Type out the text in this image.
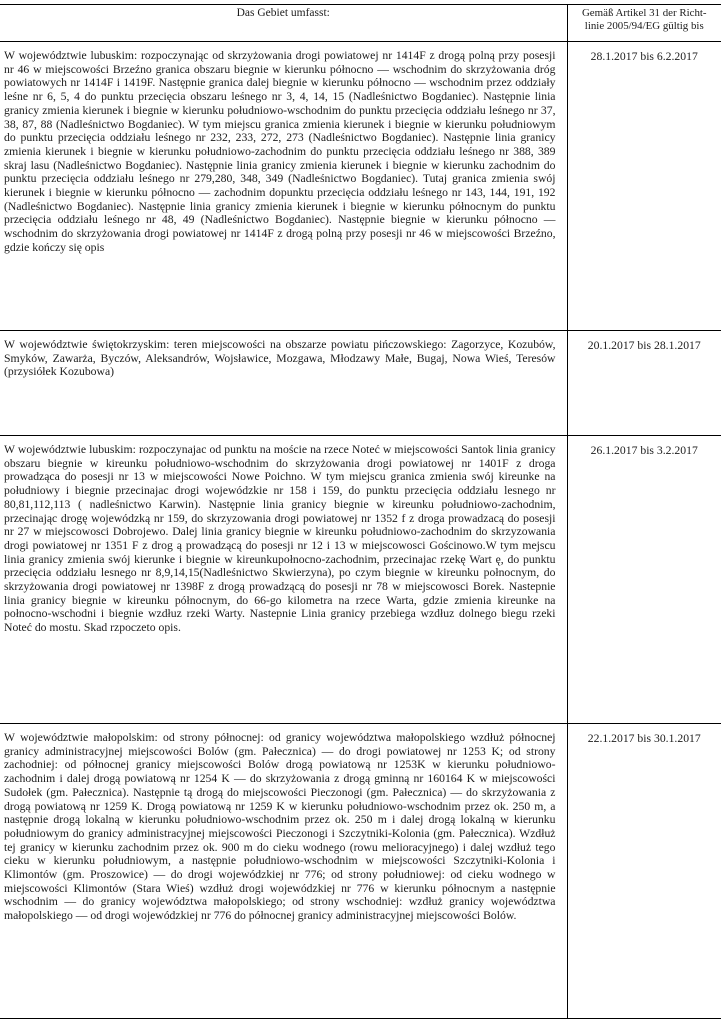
Das Gebiet umfasst:	Gemäß Artikel 31 der Richt-
linie 2005/94/EG gültig bis

W województwie lubuskim: rozpoczynając od skrzyżowania drogi powiatowej nr 1414F z drogą polną przy posesji nr 46 w miejscowości Brzeźno granica obszaru biegnie w kierunku północno — wschodnim do skrzyżowania dróg powiatowych nr 1414F i 1419F. Następnie granica dalej biegnie w kierunku północno — wschodnim przez oddziały leśne nr 6, 5, 4 do punktu przecięcia obszaru leśnego nr 3, 4, 14, 15 (Nadleśnictwo Bogdaniec). Następnie linia granicy zmienia kierunek i biegnie w kierunku południowo-wschodnim do punktu przecięcia oddziału leśnego nr 37, 38, 87, 88 (Nadleśnictwo Bogdaniec). W tym miejscu granica zmienia kierunek i biegnie w kierunku południowym do punktu przecięcia oddziału leśnego nr 232, 233, 272, 273 (Nadleśnictwo Bogdaniec). Następnie linia granicy zmienia kierunek i biegnie w kierunku południowo-zachodnim do punktu przecięcia oddziału leśnego nr 388, 389 skraj lasu (Nadleśnictwo Bogdaniec). Następnie linia granicy zmienia kierunek i biegnie w kierunku zachodnim do punktu przecięcia oddziału leśnego nr 279,280, 348, 349 (Nadleśnictwo Bogdaniec). Tutaj granica zmienia swój kierunek i biegnie w kierunku północno — zachodnim dopunktu przecięcia oddziału leśnego nr 143, 144, 191, 192 (Nadleśnictwo Bogdaniec). Następnie linia granicy zmienia kierunek i biegnie w kierunku północnym do punktu przecięcia oddziału leśnego nr 48, 49 (Nadleśnictwo Bogdaniec). Następnie biegnie w kierunku północno — wschodnim do skrzyżowania drogi powiatowej nr 1414F z drogą polną przy posesji nr 46 w miejscowości Brzeźno, gdzie kończy się opis	28.1.2017 bis 6.2.2017
W województwie świętokrzyskim: teren miejscowości na obszarze powiatu pińczowskiego: Zagorzyce, Kozubów, Smyków, Zawarża, Byczów, Aleksandrów, Wojsławice, Mozgawa, Młodzawy Małe, Bugaj, Nowa Wieś, Teresów (przysiółek Kozubowa)	20.1.2017 bis 28.1.2017
W województwie lubuskim: rozpoczynajac od punktu na moście na rzece Noteć w miejscowości Santok linia granicy obszaru biegnie w kireunku południowo-wschodnim do skrzyżowania drogi powiatowej nr 1401F z droga prowadząca do posesji nr 13 w miejscowości Nowe Poichno. W tym miejscu granica zmienia swój kireunke na południowy i biegnie przecinajac drogi wojewódzkie nr 158 i 159, do punktu przecięcia oddziału lesnego nr 80,81,112,113 ( nadleśnictwo Karwin). Następnie linia granicy biegnie w kireunku południowo-zachodnim, przecinając drogę wojewódzką nr 159, do skrzyzowania drogi powiatowej nr 1352 f z droga prowadzacą do posesji nr 27 w miejscowosci Dobrojewo. Dalej linia granicy biegnie w kireunku południowo-zachodnim do skrzyzowania drogi powiatowej nr 1351 F z drog ą prowadzącą do posesji nr 12 i 13 w miejscowosci Gościnowo.W tym mejscu linia granicy zmienia swój kierunke i biegnie w kireunkupołnocno-zachodnim, przecinajac rzekę Wart ę, do punktu przecięcia oddziału lesnego nr 8,9,14,15(Nadleśnictwo Skwierzyna), po czym biegnie w kireunku połnocnym, do skrzyżowania drogi powiatowej nr 1398F z drogą prowadzącą do posesji nr 78 w miejscowosci Borek. Nastepnie linia granicy biegnie w kireunku północnym, do 66-go kilometra na rzece Warta, gdzie zmienia kireunke na połnocno-wschodni i biegnie wzdłuz rzeki Warty. Nastepnie Linia granicy przebiega wzdłuz dolnego biegu rzeki Noteć do mostu. Skad rzpoczeto opis.	26.1.2017 bis 3.2.2017
W województwie małopolskim: od strony północnej: od granicy województwa małopolskiego wzdłuż północnej granicy administracyjnej miejscowości Bolów (gm. Pałecznica) — do drogi powiatowej nr 1253 K; od strony zachodniej: od północnej granicy miejscowości Bolów drogą powiatową nr 1253K w kierunku południowo-zachodnim i dalej drogą powiatową nr 1254 K — do skrzyżowania z drogą gminną nr 160164 K w miejscowości Sudołek (gm. Pałecznica). Następnie tą drogą do miejscowości Pieczonogi (gm. Pałecznica) — do skrzyżowania z drogą powiatową nr 1259 K. Drogą powiatową nr 1259 K w kierunku południowo-wschodnim przez ok. 250 m, a następnie drogą lokalną w kierunku południowo-wschodnim przez ok. 250 m i dalej drogą lokalną w kierunku południowym do granicy administracyjnej miejscowości Pieczonogi i Szczytniki-Kolonia (gm. Pałecznica). Wzdłuż tej granicy w kierunku zachodnim przez ok. 900 m do cieku wodnego (rowu melioracyjnego) i dalej wzdłuż tego cieku w kierunku południowym, a następnie południowo-wschodnim w miejscowości Szczytniki-Kolonia i Klimontów (gm. Proszowice) — do drogi wojewódzkiej nr 776; od strony południowej: od cieku wodnego w miejscowości Klimontów (Stara Wieś) wzdłuż drogi wojewódzkiej nr 776 w kierunku północnym a następnie wschodnim — do granicy województwa małopolskiego; od strony wschodniej: wzdłuż granicy województwa małopolskiego — od drogi wojewódzkiej nr 776 do północnej granicy administracyjnej miejscowości Bolów.	22.1.2017 bis 30.1.2017
